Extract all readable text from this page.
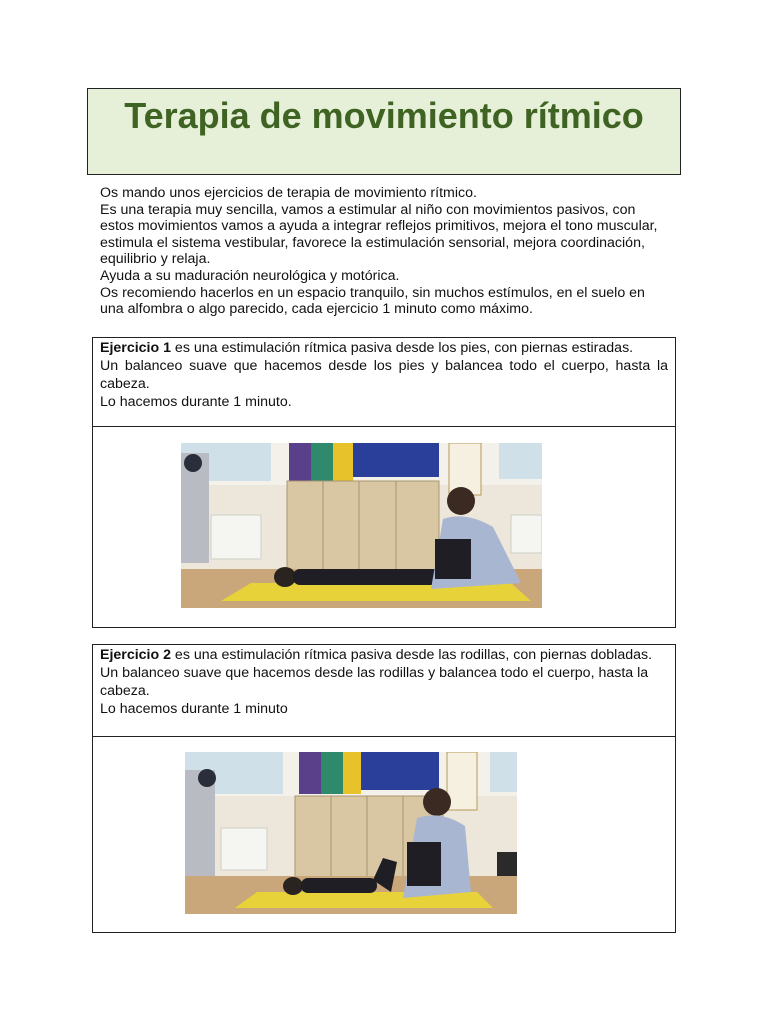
Terapia de movimiento rítmico

Os mando unos ejercicios de terapia de movimiento rítmico.

Es una terapia muy sencilla, vamos a estimular al niño con movimientos pasivos, con estos movimientos vamos a ayuda a integrar reflejos primitivos, mejora el tono muscular, estimula el sistema vestibular, favorece la estimulación sensorial, mejora coordinación, equilibrio y relaja.

Ayuda a su maduración neurológica y motórica.

Os recomiendo hacerlos en un espacio tranquilo, sin muchos estímulos, en el suelo en una alfombra o algo parecido, cada ejercicio 1 minuto como máximo.

Ejercicio 1 es una estimulación rítmica pasiva desde los pies, con piernas estiradas.

Un balanceo suave que hacemos desde los pies y balancea todo el cuerpo, hasta la cabeza.

Lo hacemos durante 1 minuto.

Ejercicio 2 es una estimulación rítmica pasiva desde las rodillas, con piernas dobladas.

Un balanceo suave que hacemos desde las rodillas y balancea todo el cuerpo, hasta la cabeza.

Lo hacemos durante 1 minuto
